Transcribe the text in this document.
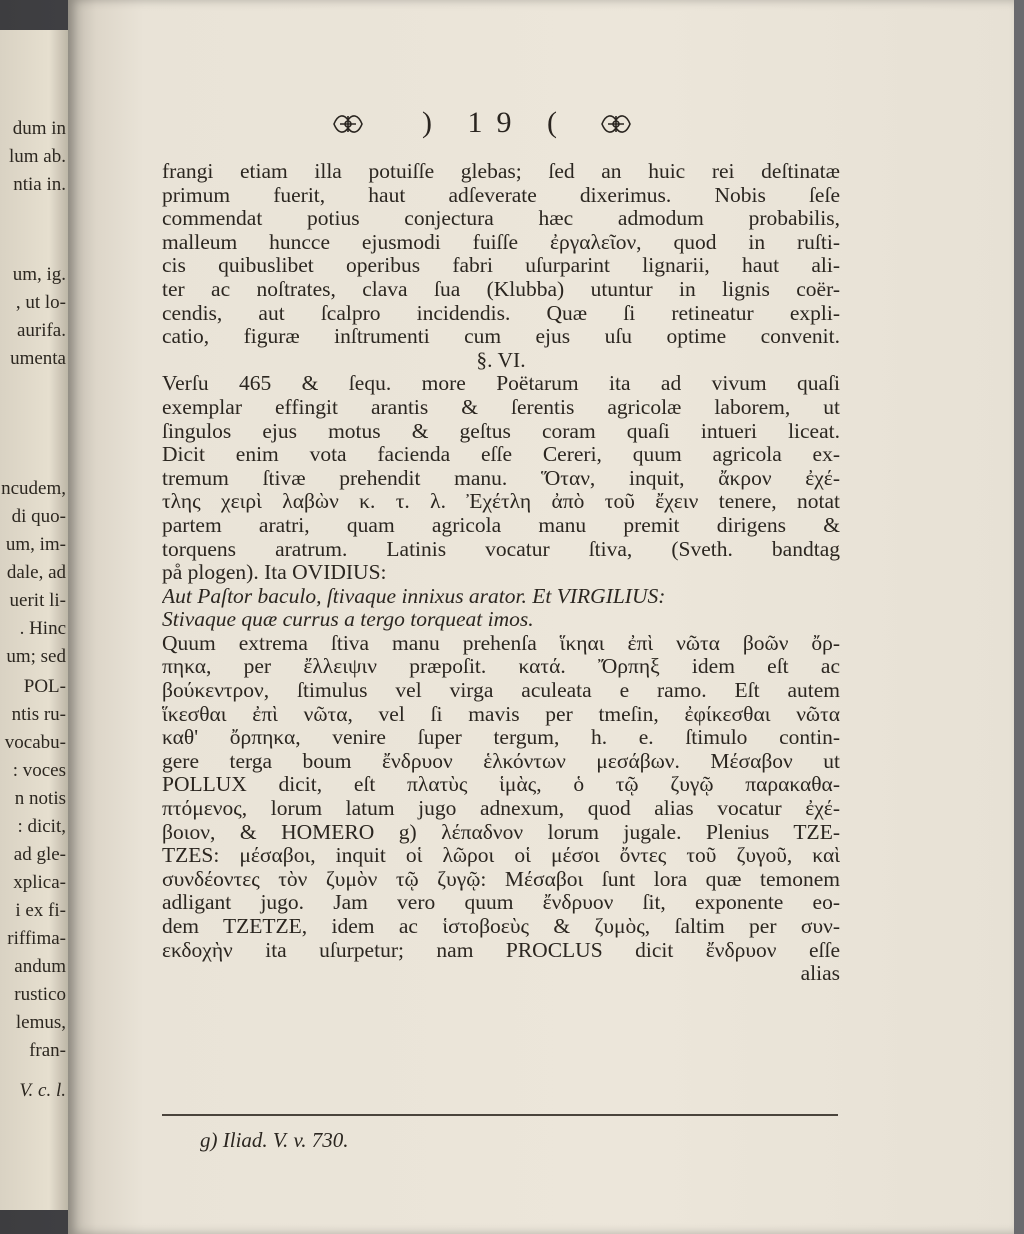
dum in
lum ab.
ntia in.
um, ig.
, ut lo-
aurifa.
umenta
ncudem,
di quo-
um, im-
dale, ad
uerit li-
. Hinc
um; sed
POL-
ntis ru-
vocabu-
: voces
n notis
: dicit,
ad gle-
xplica-
i ex fi-
riffima-
andum
rustico
lemus,
fran-
V. c. l.
) 19 (
frangi etiam illa potuiſſe glebas; ſed an huic rei deſtinatæ
primum fuerit, haut adſeverate dixerimus. Nobis ſeſe
commendat potius conjectura hæc admodum probabilis,
malleum huncce ejusmodi fuiſſe ἐργαλεῖον, quod in ruſti-
cis quibuslibet operibus fabri uſurparint lignarii, haut ali-
ter ac noſtrates, clava ſua (Klubba) utuntur in lignis coër-
cendis, aut ſcalpro incidendis. Quæ ſi retineatur expli-
catio, figuræ inſtrumenti cum ejus uſu optime convenit.
§. VI.
Verſu 465 & ſequ. more Poëtarum ita ad vivum quaſi
exemplar effingit arantis & ſerentis agricolæ laborem, ut
ſingulos ejus motus & geſtus coram quaſi intueri liceat.
Dicit enim vota facienda eſſe Cereri, quum agricola ex-
tremum ſtivæ prehendit manu. Ὅταν, inquit, ἄκρον ἐχέ-
τλης χειρὶ λαβὼν κ. τ. λ. Ἐχέτλη ἀπὸ τοῦ ἔχειν tenere, notat
partem aratri, quam agricola manu premit dirigens &
torquens aratrum. Latinis vocatur ſtiva, (Sveth. bandtag
på plogen). Ita OVIDIUS:
Aut Paſtor baculo, ſtivaque innixus arator. Et VIRGILIUS:
Stivaque quæ currus a tergo torqueat imos.
Quum extrema ſtiva manu prehenſa ἵκηαι ἐπὶ νῶτα βοῶν ὄρ-
πηκα, per ἔλλειψιν præpoſit. κατά. Ὄρπηξ idem eſt ac
βούκεντρον, ſtimulus vel virga aculeata e ramo. Eſt autem
ἵκεσθαι ἐπὶ νῶτα, vel ſi mavis per tmeſin, ἐφίκεσθαι νῶτα
καθ' ὄρπηκα, venire ſuper tergum, h. e. ſtimulo contin-
gere terga boum ἔνδρυον ἑλκόντων μεσάβων. Μέσαβον ut
POLLUX dicit, eſt πλατὺς ἱμὰς, ὁ τῷ ζυγῷ παρακαθα-
πτόμενος, lorum latum jugo adnexum, quod alias vocatur ἐχέ-
βοιον, & HOMERO g) λέπαδνον lorum jugale. Plenius TZE-
TZES: μέσαβοι, inquit οἱ λῶροι οἱ μέσοι ὄντες τοῦ ζυγοῦ, καὶ
συνδέοντες τὸν ζυμὸν τῷ ζυγῷ: Μέσαβοι ſunt lora quæ temonem
adligant jugo. Jam vero quum ἔνδρυον ſit, exponente eo-
dem TZETZE, idem ac ἱστοβοεὺς & ζυμὸς, ſaltim per συν-
εκδοχὴν ita uſurpetur; nam PROCLUS dicit ἔνδρυον eſſe
alias
g) Iliad. V. v. 730.
